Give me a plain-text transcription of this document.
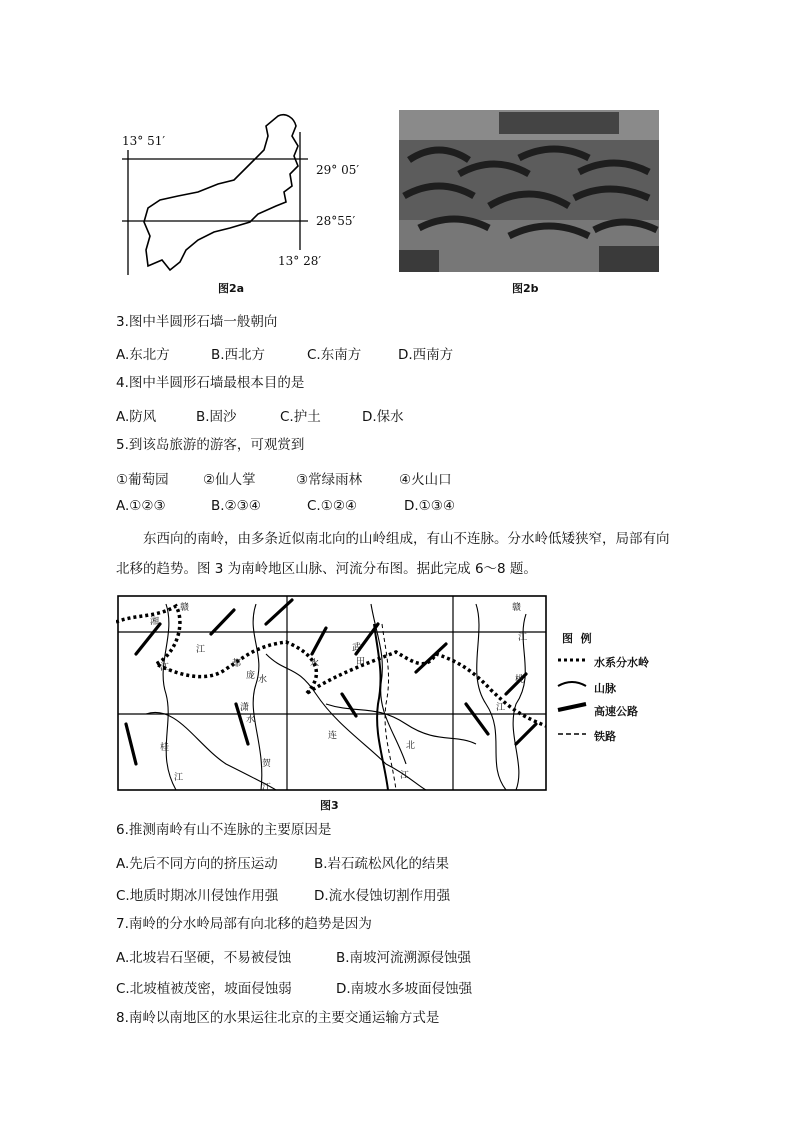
13° 51′
29° 05′
28°55′
13° 28′
图2a	图2b
3.图中半圆形石墙一般朝向
A.东北方	B.西北方	C.东南方	D.西南方
4.图中半圆形石墙最根本目的是
A.防风	B.固沙	C.护土	D.保水
5.到该岛旅游的游客，可观赏到
①葡萄园	②仙人掌	③常绿雨林	④火山口
A.①②③	B.②③④	C.①②④	D.①③④
东西向的南岭，由多条近似南北向的山岭组成，有山不连脉。分水岭低矮狭窄，局部有向北移的趋势。图 3 为南岭地区山脉、河流分布图。据此完成 6～8 题。
赣
湘
江
江	都
庞 水
潇
水
桂
江
贺
江
连
北
江
田
武
水
赣
江
桃
江
图  例
水系分水岭
山脉
高速公路
铁路
图3
6.推测南岭有山不连脉的主要原因是
A.先后不同方向的挤压运动	B.岩石疏松风化的结果
C.地质时期冰川侵蚀作用强	D.流水侵蚀切割作用强
7.南岭的分水岭局部有向北移的趋势是因为
A.北坡岩石坚硬，不易被侵蚀	B.南坡河流溯源侵蚀强
C.北坡植被茂密，坡面侵蚀弱	D.南坡水多坡面侵蚀强
8.南岭以南地区的水果运往北京的主要交通运输方式是
